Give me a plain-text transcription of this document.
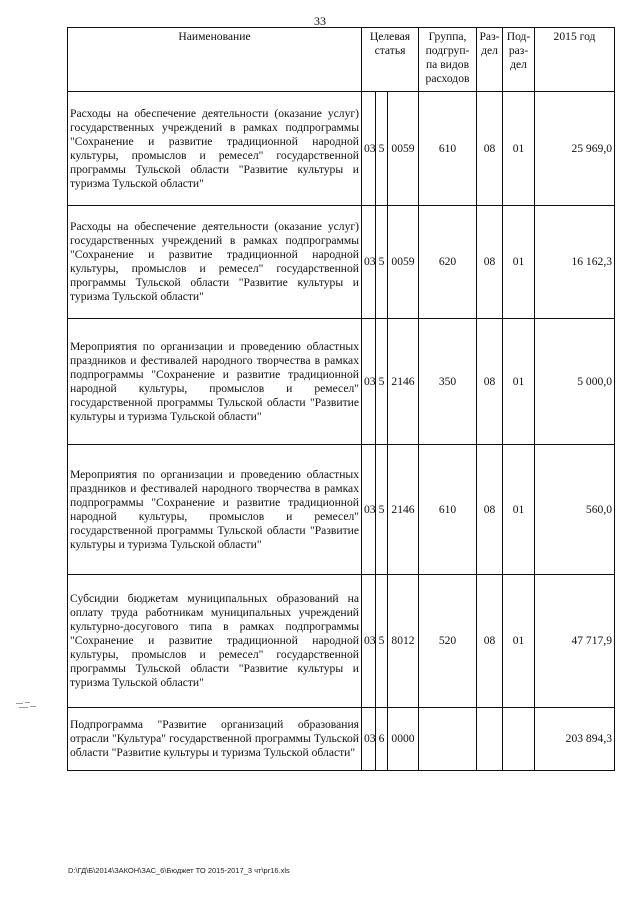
33
Наименование	Целевая статья			Группа, подгруп-па видов расходов	Раз-дел	Под-раз-дел	2015 год
Расходы на обеспечение деятельности (оказание услуг) государственных учреждений в рамках подпрограммы "Сохранение и развитие традиционной народной культуры, промыслов и ремесел" государственной программы Тульской области "Развитие культуры и туризма Тульской области"	03	5	0059	610	08	01	25 969,0
Расходы на обеспечение деятельности (оказание услуг) государственных учреждений в рамках подпрограммы "Сохранение и развитие традиционной народной культуры, промыслов и ремесел" государственной программы Тульской области "Развитие культуры и туризма Тульской области"	03	5	0059	620	08	01	16 162,3
Мероприятия по организации и проведению областных праздников и фестивалей народного творчества в рамках подпрограммы "Сохранение и развитие традиционной народной культуры, промыслов и ремесел" государственной программы Тульской области "Развитие культуры и туризма Тульской области"	03	5	2146	350	08	01	5 000,0
Мероприятия по организации и проведению областных праздников и фестивалей народного творчества в рамках подпрограммы "Сохранение и развитие традиционной народной культуры, промыслов и ремесел" государственной программы Тульской области "Развитие культуры и туризма Тульской области"	03	5	2146	610	08	01	560,0
Субсидии бюджетам муниципальных образований на оплату труда работникам муниципальных учреждений культурно-досугового типа в рамках подпрограммы "Сохранение и развитие традиционной народной культуры, промыслов и ремесел" государственной программы Тульской области "Развитие культуры и туризма Тульской области"	03	5	8012	520	08	01	47 717,9
Подпрограмма "Развитие организаций образования отрасли "Культура" государственной программы Тульской области "Развитие культуры и туризма Тульской области"	03	6	0000				203 894,3
D:\ГД\Б\2014\ЗАКОН\ЗАС_6\Бюджет ТО 2015-2017_3 чт\pr16.xls
